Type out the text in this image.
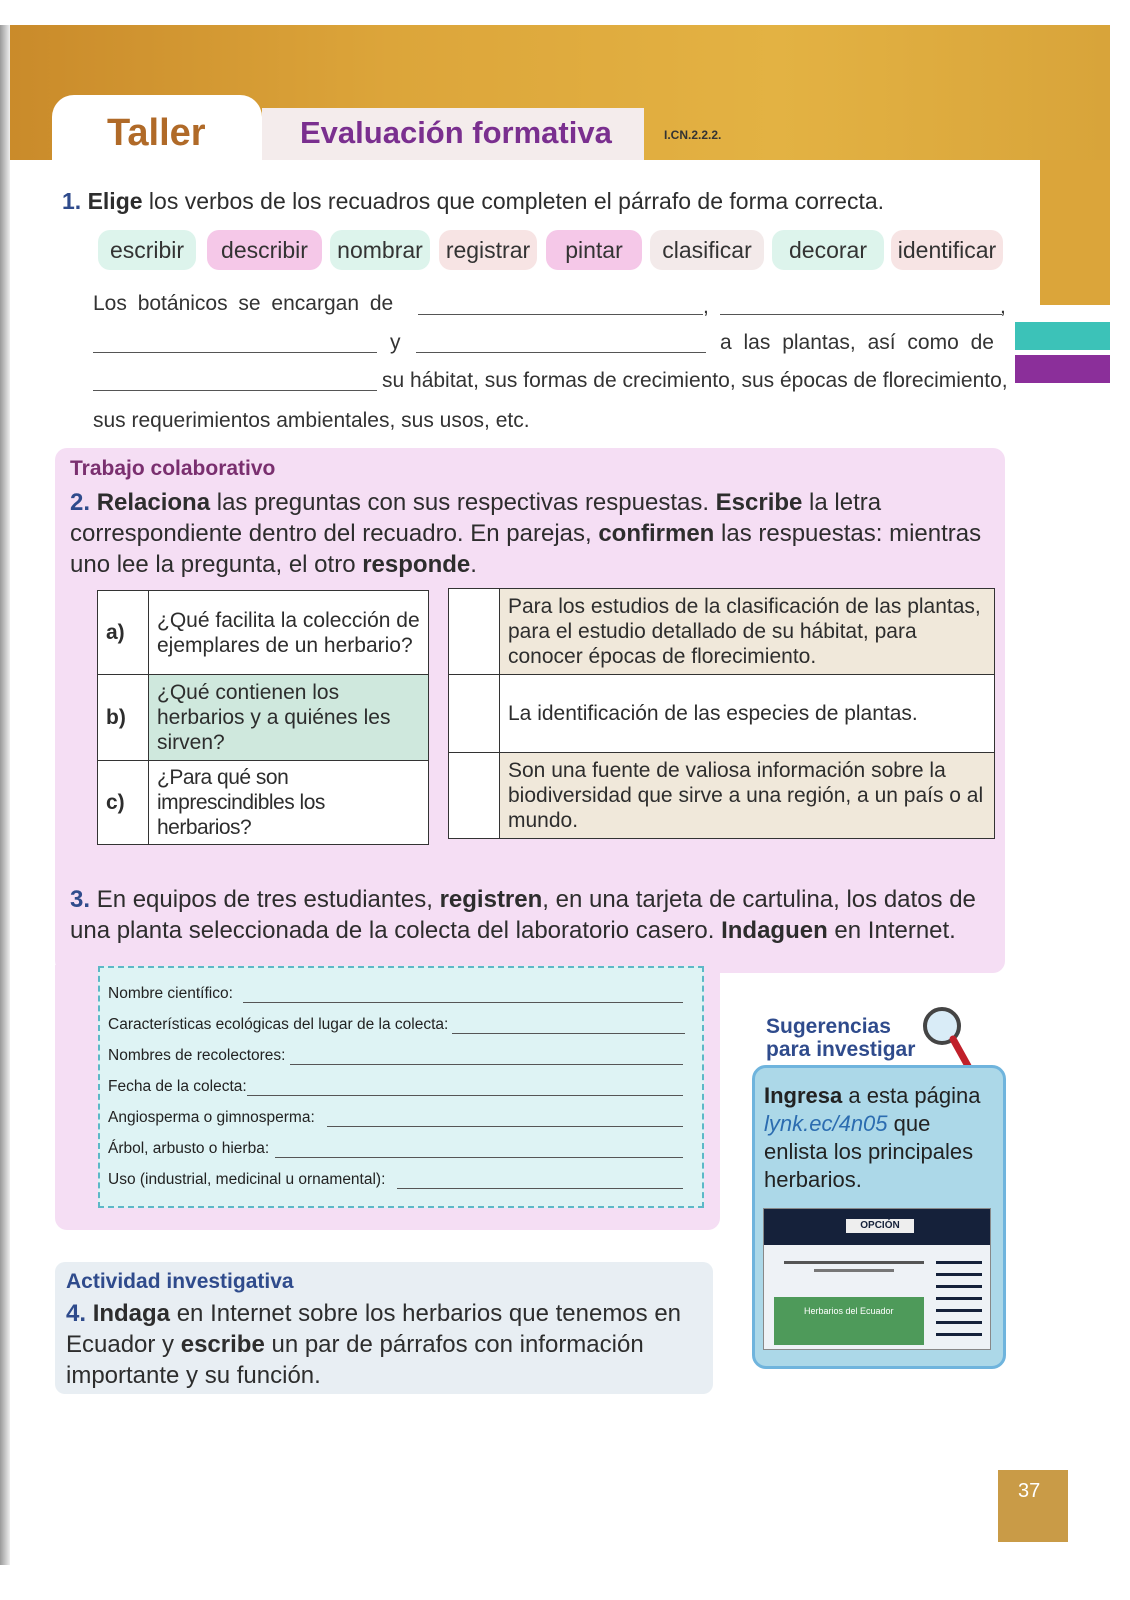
Taller	Evaluación formativa	I.CN.2.2.2.
1. Elige los verbos de los recuadros que completen el párrafo de forma correcta.
escribir	describir	nombrar registrar	pintar	clasificar	decorar	identificar
Los botánicos se encargan de	,	,
y	a las plantas, así como de
su hábitat, sus formas de crecimiento, sus épocas de florecimiento,
sus requerimientos ambientales, sus usos, etc.
Trabajo colaborativo
2. Relaciona las preguntas con sus respectivas respuestas. Escribe la letra correspondiente dentro del recuadro. En parejas, confirmen las respuestas: mientras uno lee la pregunta, el otro responde.
a)	¿Qué facilita la colección de ejemplares de un herbario?
b)	¿Qué contienen los herbarios y a quiénes les sirven?
c)	¿Para qué son imprescindibles los herbarios?
	Para los estudios de la clasificación de las plantas, para el estudio detallado de su hábitat, para conocer épocas de florecimiento.
	La identificación de las especies de plantas.
	Son una fuente de valiosa información sobre la biodiversidad que sirve a una región, a un país o al mundo.
3. En equipos de tres estudiantes, registren, en una tarjeta de cartulina, los datos de una planta seleccionada de la colecta del laboratorio casero. Indaguen en Internet.
Nombre científico:
Características ecológicas del lugar de la colecta:
Nombres de recolectores:
Fecha de la colecta:
Angiosperma o gimnosperma:
Árbol, arbusto o hierba:
Uso (industrial, medicinal u ornamental):
Sugerencias
para investigar
Ingresa a esta página lynk.ec/4n05 que enlista los principales herbarios.
OPCIÓN
Herbarios del Ecuador
Actividad investigativa
4. Indaga en Internet sobre los herbarios que tenemos en Ecuador y escribe un par de párrafos con información importante y su función.
37
